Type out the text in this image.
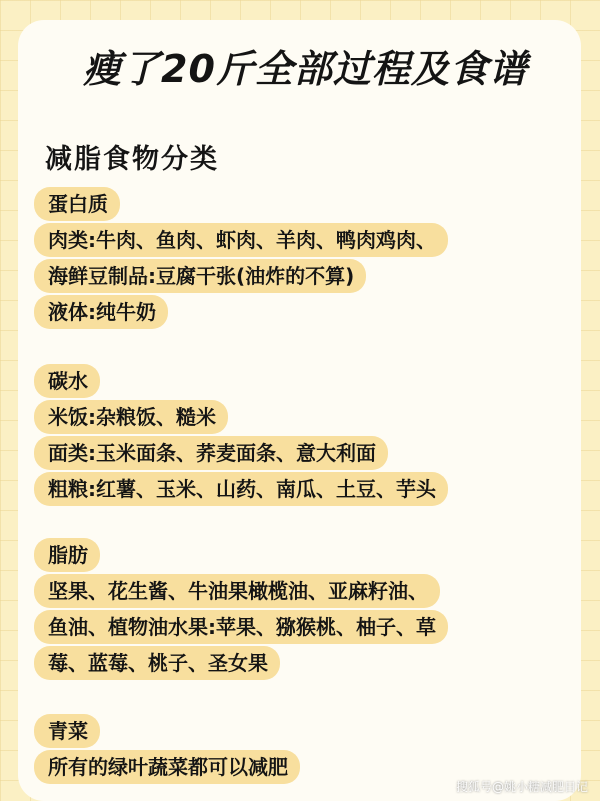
瘦了20斤全部过程及食谱
减脂食物分类
蛋白质
肉类:牛肉、鱼肉、虾肉、羊肉、鸭肉鸡肉、
海鲜豆制品:豆腐干张(油炸的不算)
液体:纯牛奶
碳水
米饭:杂粮饭、糙米
面类:玉米面条、荞麦面条、意大利面
粗粮:红薯、玉米、山药、南瓜、土豆、芋头
脂肪
坚果、花生酱、牛油果橄榄油、亚麻籽油、
鱼油、植物油水果:苹果、猕猴桃、柚子、草
莓、蓝莓、桃子、圣女果
青菜
所有的绿叶蔬菜都可以减肥
搜狐号@姚小糖减肥日记
